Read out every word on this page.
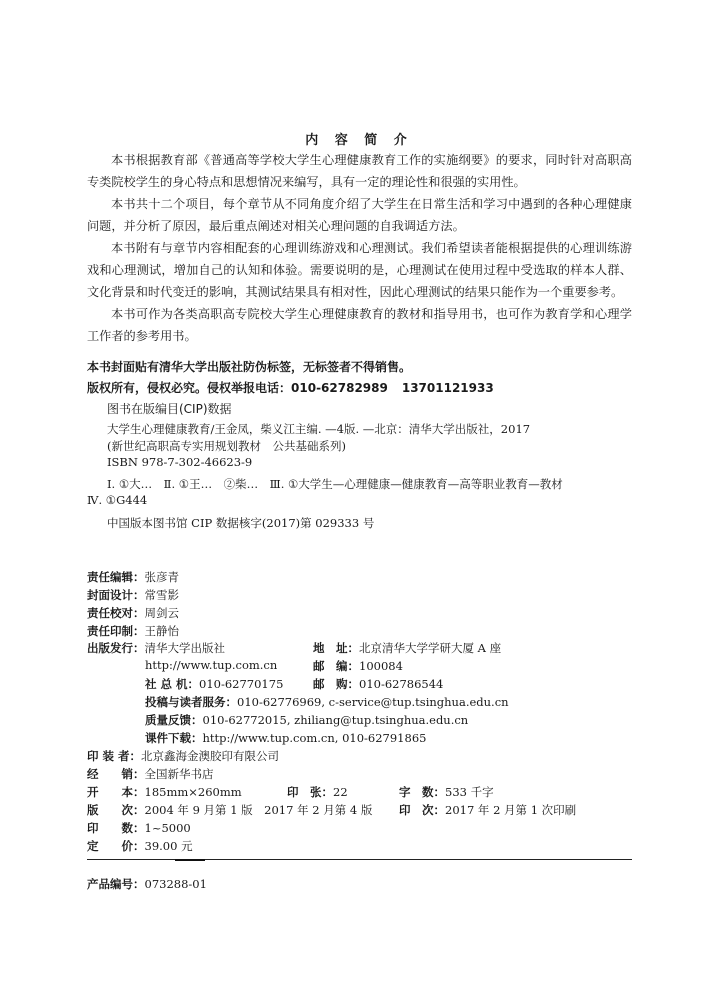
内 容 简 介
本书根据教育部《普通高等学校大学生心理健康教育工作的实施纲要》的要求，同时针对高职高专类院校学生的身心特点和思想情况来编写，具有一定的理论性和很强的实用性。
本书共十二个项目，每个章节从不同角度介绍了大学生在日常生活和学习中遇到的各种心理健康问题，并分析了原因，最后重点阐述对相关心理问题的自我调适方法。
本书附有与章节内容相配套的心理训练游戏和心理测试。我们希望读者能根据提供的心理训练游戏和心理测试，增加自己的认知和体验。需要说明的是，心理测试在使用过程中受选取的样本人群、文化背景和时代变迁的影响，其测试结果具有相对性，因此心理测试的结果只能作为一个重要参考。
本书可作为各类高职高专院校大学生心理健康教育的教材和指导用书，也可作为教育学和心理学工作者的参考用书。
本书封面贴有清华大学出版社防伪标签，无标签者不得销售。
版权所有，侵权必究。侵权举报电话：010-62782989 13701121933
图书在版编目(CIP)数据
大学生心理健康教育/王金凤，柴义江主编. —4版. —北京：清华大学出版社，2017
(新世纪高职高专实用规划教材　公共基础系列)
ISBN 978-7-302-46623-9
Ⅰ. ①大…　Ⅱ. ①王…　②柴…　Ⅲ. ①大学生—心理健康—健康教育—高等职业教育—教材
Ⅳ. ①G444
中国版本图书馆 CIP 数据核字(2017)第 029333 号
责任编辑：张彦青
封面设计：常雪影
责任校对：周剑云
责任印制：王静怡
出版发行：清华大学出版社	地　址：北京清华大学学研大厦 A 座
http://www.tup.com.cn	邮　编：100084
社 总 机：010-62770175	邮　购：010-62786544
投稿与读者服务：010-62776969, c-service@tup.tsinghua.edu.cn
质量反馈：010-62772015, zhiliang@tup.tsinghua.edu.cn
课件下载：http://www.tup.com.cn, 010-62791865
印 装 者：北京鑫海金澳胶印有限公司
经　　销：全国新华书店
开　　本：185mm×260mm	印　张：22	字　数：533 千字
版　　次：2004 年 9 月第 1 版　2017 年 2 月第 4 版 印　次：2017 年 2 月第 1 次印刷
印　　数：1~5000
定　　价：39.00 元
产品编号：073288-01
